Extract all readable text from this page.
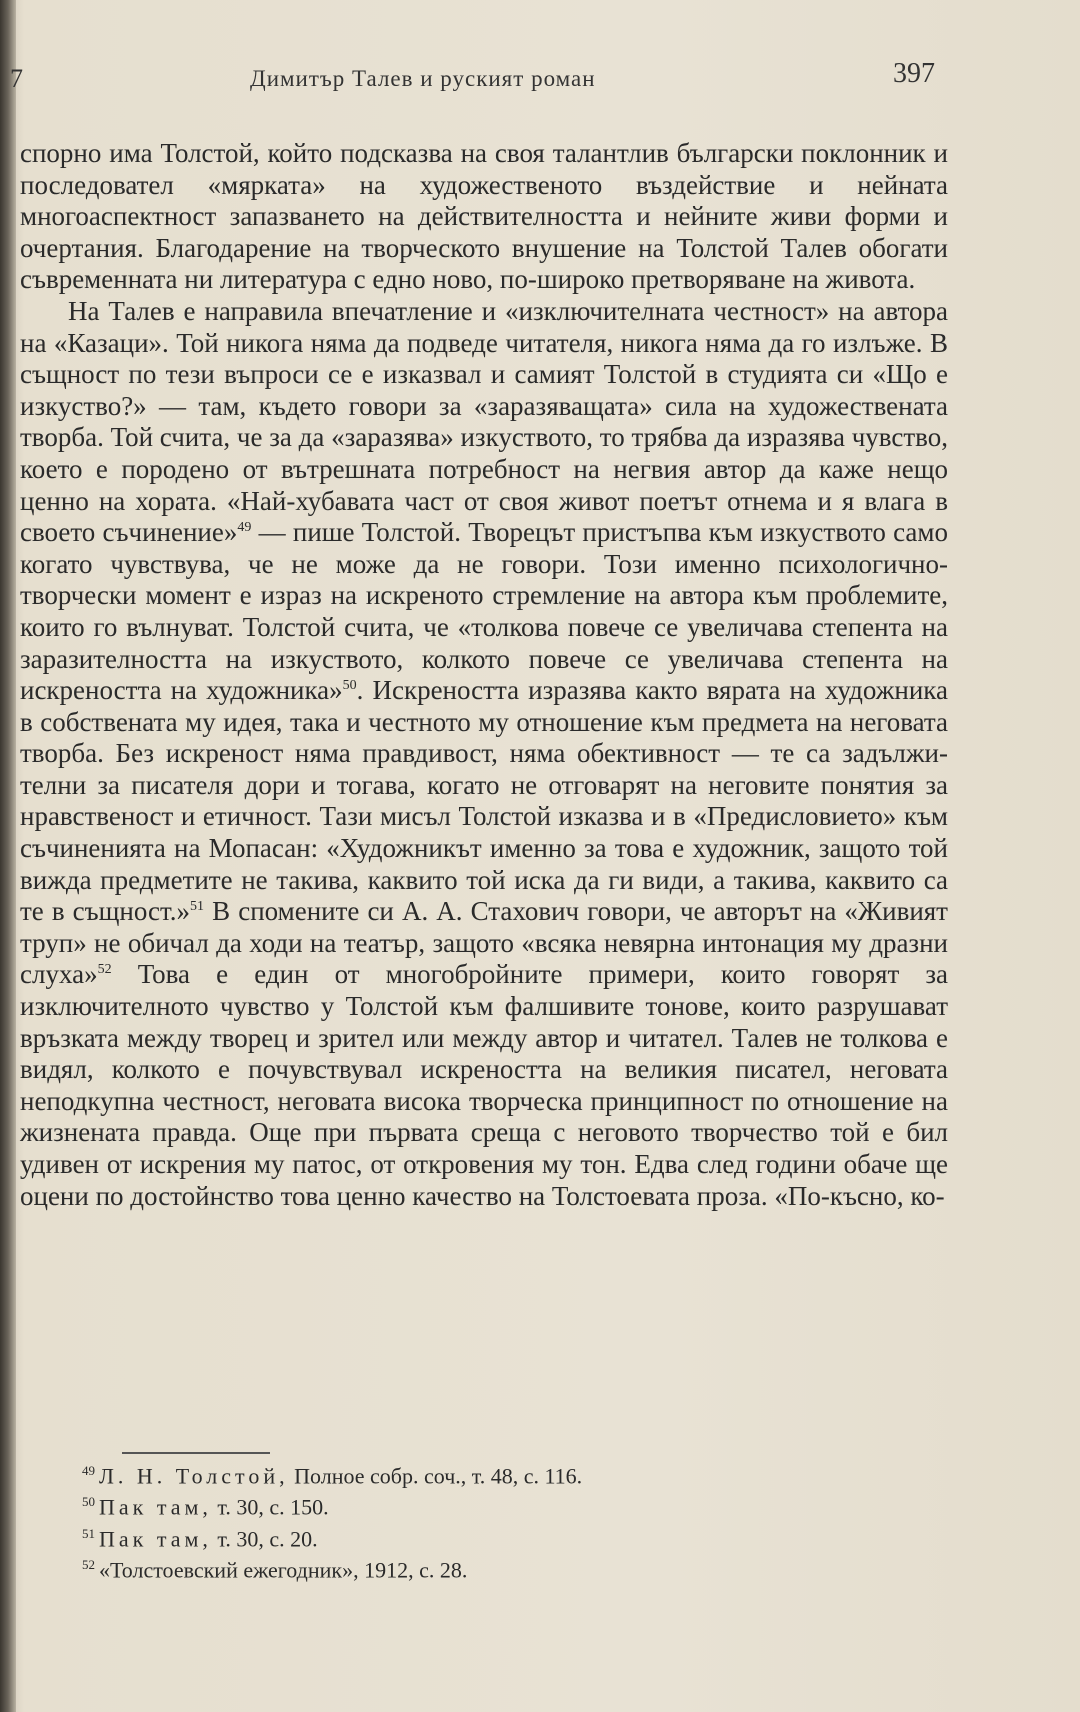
7	Димитър Талев и руският роман	397

спорно има Толстой, който подсказва на своя талантлив български поклонник и последовател «мярката» на художественото въздействие и нейната многоаспектност запазването на действителността и нейните живи форми и очертания. Благодарение на творческото внушение на Толстой Талев обогати съвременната ни литература с едно ново, по-широко претворяване на живота.

На Талев е направила впечатление и «изключителната честност» на автора на «Казаци». Той никога няма да подведе читателя, никога няма да го излъже. В същност по тези въпроси се е изказвал и самият Толстой в студията си «Що е изкуство?» — там, където говори за «заразяващата» сила на художествената творба. Той счита, че за да «заразява» изкуството, то трябва да изразява чувство, което е породено от вътрешната потребност на негвия автор да каже нещо ценно на хората. «Най-хубавата част от своя живот поетът отнема и я влага в своето съчинение»$^{49}$ — пише Толстой. Творецът пристъпва към изкуството само когато чувствува, че не може да не говори. Този именно психологично-творчески момент е израз на искреното стремление на автора към проблемите, които го вълнуват. Толстой счита, че «толкова повече се увеличава степента на заразителността на изкуството, колкото повече се увеличава степента на искреността на художника»$^{50}$. Искреността изразява както вярата на художника в собствената му идея, така и честното му отношение към предмета на неговата творба. Без искреност няма правдивост, няма обективност — те са задължителни за писателя дори и тогава, когато не отговарят на неговите понятия за нравственост и етичност. Тази мисъл Толстой изказва и в «Предисловието» към съчиненията на Мопасан: «Художникът именно за това е художник, защото той вижда предметите не такива, каквито той иска да ги види, а такива, каквито са те в същност.»$^{51}$ В спомените си А. А. Стахович говори, че авторът на «Живият труп» не обичал да ходи на театър, защото «всяка невярна интонация му дразни слуха»$^{52}$ Това е един от многобройните примери, които говорят за изключителното чувство у Толстой към фалшивите тонове, които разрушават връзката между творец и зрител или между автор и читател. Талев не толкова е видял, колкото е почувствувал искреността на великия писател, неговата неподкупна честност, неговата висока творческа принципност по отношение на жизнената правда. Още при първата среща с неговото творчество той е бил удивен от искрения му патос, от откровения му тон. Едва след години обаче ще оцени по достойнство това ценно качество на Толстоевата проза. «По-късно, ко-

$^{49}$ Л. Н. Толстой, Полное собр. соч., т. 48, с. 116.
$^{50}$ Пак там, т. 30, с. 150.
$^{51}$ Пак там, т. 30, с. 20.
$^{52}$ «Толстоевский ежегодник», 1912, с. 28.
